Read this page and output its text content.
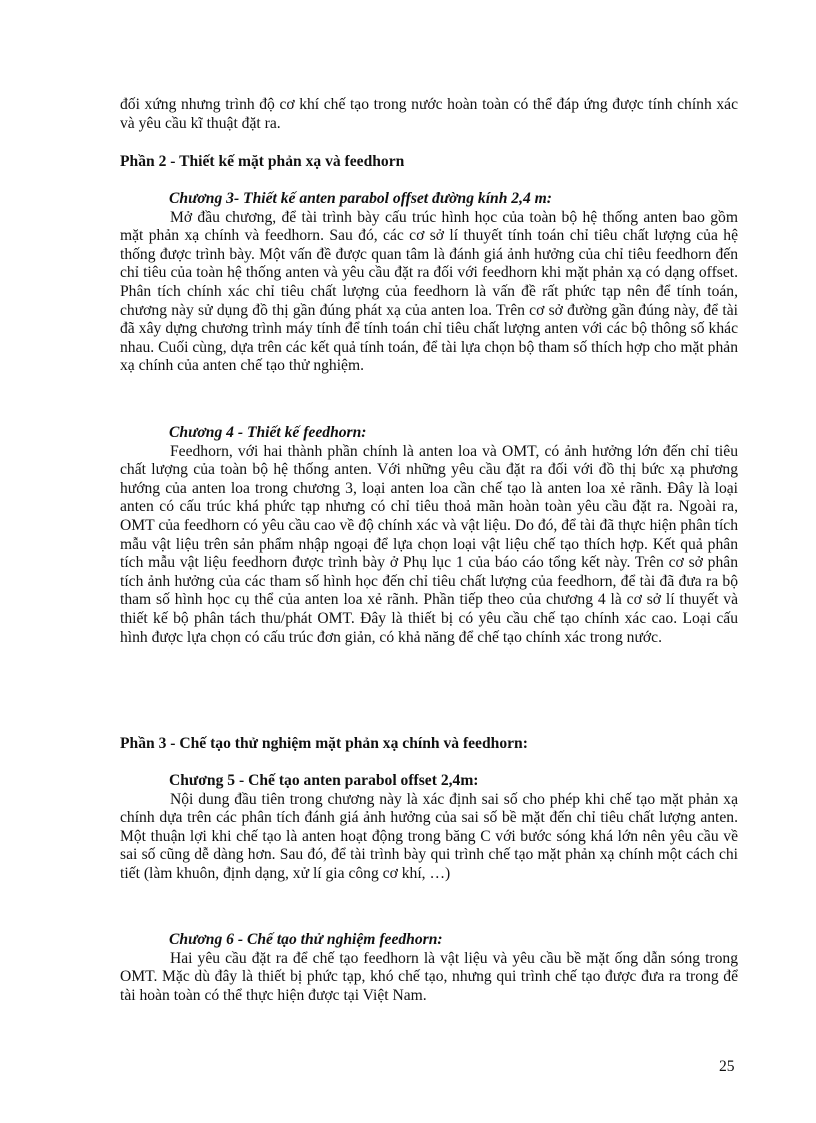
đối xứng nhưng trình độ cơ khí chế tạo trong nước hoàn toàn có thể đáp ứng được tính chính xác và yêu cầu kĩ thuật đặt ra.

Phần 2 - Thiết kế mặt phản xạ và feedhorn

Chương 3- Thiết kế anten parabol offset đường kính 2,4 m:

Mở đầu chương, để tài trình bày cấu trúc hình học của toàn bộ hệ thống anten bao gồm mặt phản xạ chính và feedhorn. Sau đó, các cơ sở lí thuyết tính toán chỉ tiêu chất lượng của hệ thống được trình bày. Một vấn đề được quan tâm là đánh giá ảnh hưởng của chỉ tiêu feedhorn đến chỉ tiêu của toàn hệ thống anten và yêu cầu đặt ra đối với feedhorn khi mặt phản xạ có dạng offset. Phân tích chính xác chỉ tiêu chất lượng của feedhorn là vấn đề rất phức tạp nên để tính toán, chương này sử dụng đồ thị gần đúng phát xạ của anten loa. Trên cơ sở đường gần đúng này, để tài đã xây dựng chương trình máy tính để tính toán chỉ tiêu chất lượng anten với các bộ thông số khác nhau. Cuối cùng, dựa trên các kết quả tính toán, để tài lựa chọn bộ tham số thích hợp cho mặt phản xạ chính của anten chế tạo thử nghiệm.

Chương 4 - Thiết kế feedhorn:

Feedhorn, với hai thành phần chính là anten loa và OMT, có ảnh hưởng lớn đến chỉ tiêu chất lượng của toàn bộ hệ thống anten. Với những yêu cầu đặt ra đối với đồ thị bức xạ phương hướng của anten loa trong chương 3, loại anten loa cần chế tạo là anten loa xẻ rãnh. Đây là loại anten có cấu trúc khá phức tạp nhưng có chỉ tiêu thoả mãn hoàn toàn yêu cầu đặt ra. Ngoài ra, OMT của feedhorn có yêu cầu cao về độ chính xác và vật liệu. Do đó, để tài đã thực hiện phân tích mẫu vật liệu trên sản phẩm nhập ngoại để lựa chọn loại vật liệu chế tạo thích hợp. Kết quả phân tích mẫu vật liệu feedhorn được trình bày ở Phụ lục 1 của báo cáo tổng kết này. Trên cơ sở phân tích ảnh hưởng của các tham số hình học đến chỉ tiêu chất lượng của feedhorn, để tài đã đưa ra bộ tham số hình học cụ thể của anten loa xẻ rãnh. Phần tiếp theo của chương 4 là cơ sở lí thuyết và thiết kế bộ phân tách thu/phát OMT. Đây là thiết bị có yêu cầu chế tạo chính xác cao. Loại cấu hình được lựa chọn có cấu trúc đơn giản, có khả năng để chế tạo chính xác trong nước.

Phần 3 - Chế tạo thử nghiệm mặt phản xạ chính và feedhorn:

Chương 5 - Chế tạo anten parabol offset 2,4m:

Nội dung đầu tiên trong chương này là xác định sai số cho phép khi chế tạo mặt phản xạ chính dựa trên các phân tích đánh giá ảnh hưởng của sai số bề mặt đến chỉ tiêu chất lượng anten. Một thuận lợi khi chế tạo là anten hoạt động trong băng C với bước sóng khá lớn nên yêu cầu về sai số cũng dễ dàng hơn. Sau đó, để tài trình bày qui trình chế tạo mặt phản xạ chính một cách chi tiết (làm khuôn, định dạng, xử lí gia công cơ khí, …)

Chương 6 - Chế tạo thử nghiệm feedhorn:

Hai yêu cầu đặt ra để chế tạo feedhorn là vật liệu và yêu cầu bề mặt ống dẫn sóng trong OMT. Mặc dù đây là thiết bị phức tạp, khó chế tạo, nhưng qui trình chế tạo được đưa ra trong để tài hoàn toàn có thể thực hiện được tại Việt Nam.

25
